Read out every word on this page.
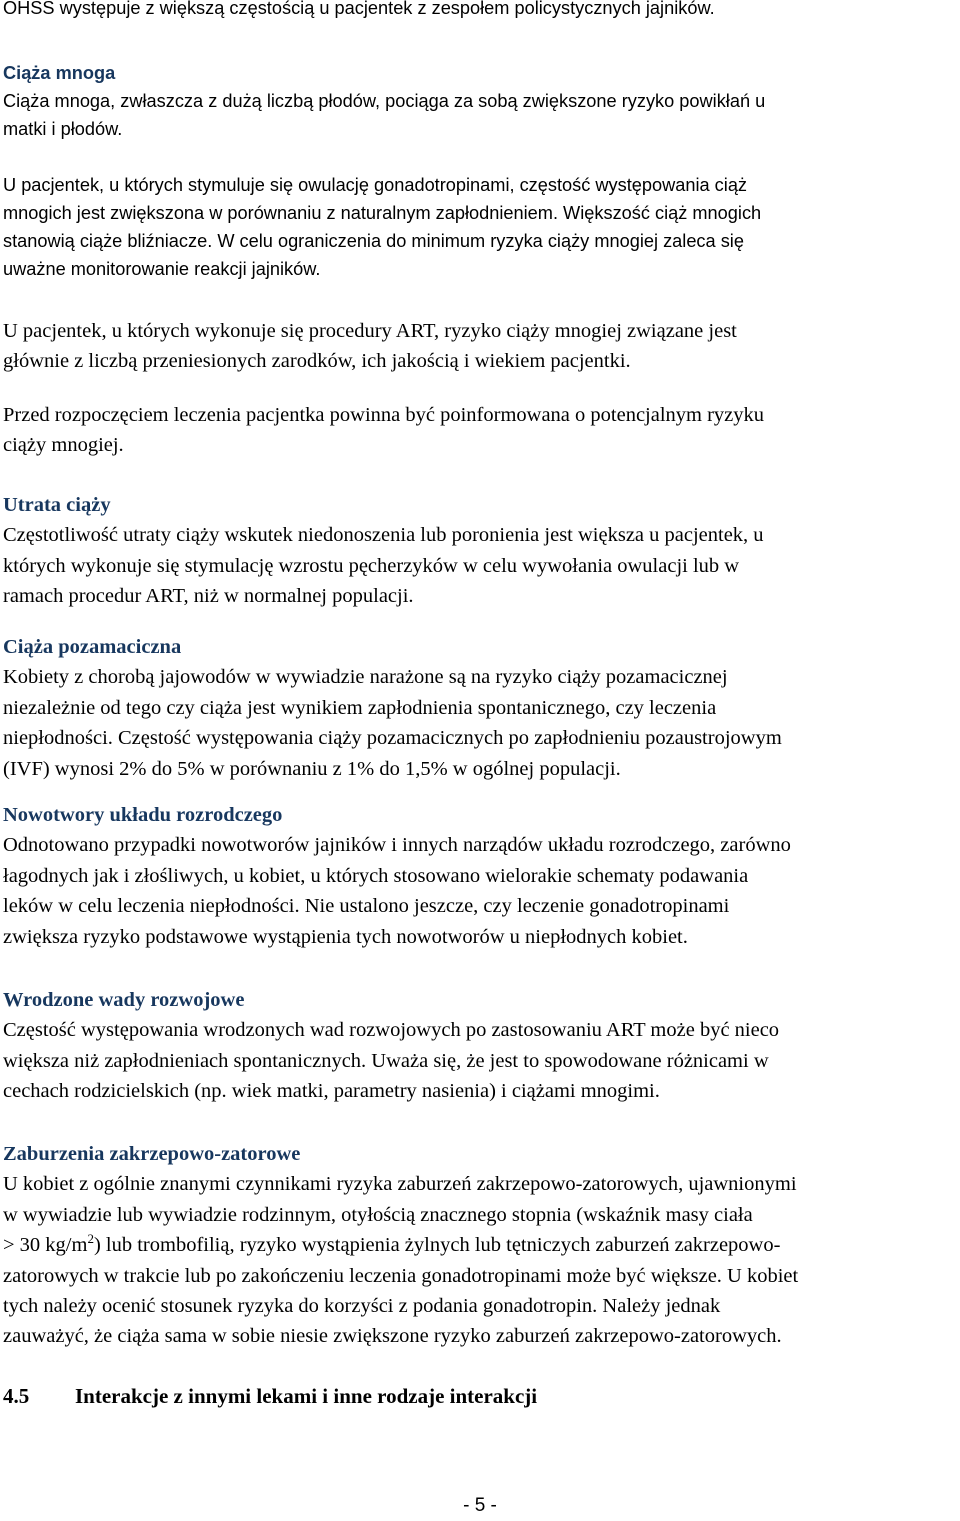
OHSS występuje z większą częstością u pacjentek z zespołem policystycznych jajników.

Ciąża mnoga
Ciąża mnoga, zwłaszcza z dużą liczbą płodów, pociąga za sobą zwiększone ryzyko powikłań u
matki i płodów.

U pacjentek, u których stymuluje się owulację gonadotropinami, częstość występowania ciąż
mnogich jest zwiększona w porównaniu z naturalnym zapłodnieniem. Większość ciąż mnogich
stanowią ciąże bliźniacze. W celu ograniczenia do minimum ryzyka ciąży mnogiej zaleca się
uważne monitorowanie reakcji jajników.

U pacjentek, u których wykonuje się procedury ART, ryzyko ciąży mnogiej związane jest
głównie z liczbą przeniesionych zarodków, ich jakością i wiekiem pacjentki.

Przed rozpoczęciem leczenia pacjentka powinna być poinformowana o potencjalnym ryzyku
ciąży mnogiej.

Utrata ciąży
Częstotliwość utraty ciąży wskutek niedonoszenia lub poronienia jest większa u pacjentek, u
których wykonuje się stymulację wzrostu pęcherzyków w celu wywołania owulacji lub w
ramach procedur ART, niż w normalnej populacji.
Ciąża pozamaciczna
Kobiety z chorobą jajowodów w wywiadzie narażone są na ryzyko ciąży pozamacicznej
niezależnie od tego czy ciąża jest wynikiem zapłodnienia spontanicznego, czy leczenia
niepłodności. Częstość występowania ciąży pozamacicznych po zapłodnieniu pozaustrojowym
(IVF) wynosi 2% do 5% w porównaniu z 1% do 1,5% w ogólnej populacji.
Nowotwory układu rozrodczego
Odnotowano przypadki nowotworów jajników i innych narządów układu rozrodczego, zarówno
łagodnych jak i złośliwych, u kobiet, u których stosowano wielorakie schematy podawania
leków w celu leczenia niepłodności. Nie ustalono jeszcze, czy leczenie gonadotropinami
zwiększa ryzyko podstawowe wystąpienia tych nowotworów u niepłodnych kobiet.
Wrodzone wady rozwojowe
Częstość występowania wrodzonych wad rozwojowych po zastosowaniu ART może być nieco
większa niż zapłodnieniach spontanicznych. Uważa się, że jest to spowodowane różnicami w
cechach rodzicielskich (np. wiek matki, parametry nasienia) i ciążami mnogimi.
Zaburzenia zakrzepowo-zatorowe
U kobiet z ogólnie znanymi czynnikami ryzyka zaburzeń zakrzepowo-zatorowych, ujawnionymi
w wywiadzie lub wywiadzie rodzinnym, otyłością znacznego stopnia (wskaźnik masy ciała
> 30 $kg/m^2$) lub trombofilią, ryzyko wystąpienia żylnych lub tętniczych zaburzeń zakrzepowo-
zatorowych w trakcie lub po zakończeniu leczenia gonadotropinami może być większe. U kobiet
tych należy ocenić stosunek ryzyka do korzyści z podania gonadotropin. Należy jednak
zauważyć, że ciąża sama w sobie niesie zwiększone ryzyko zaburzeń zakrzepowo-zatorowych.
4.5 Interakcje z innymi lekami i inne rodzaje interakcji
- 5 -
